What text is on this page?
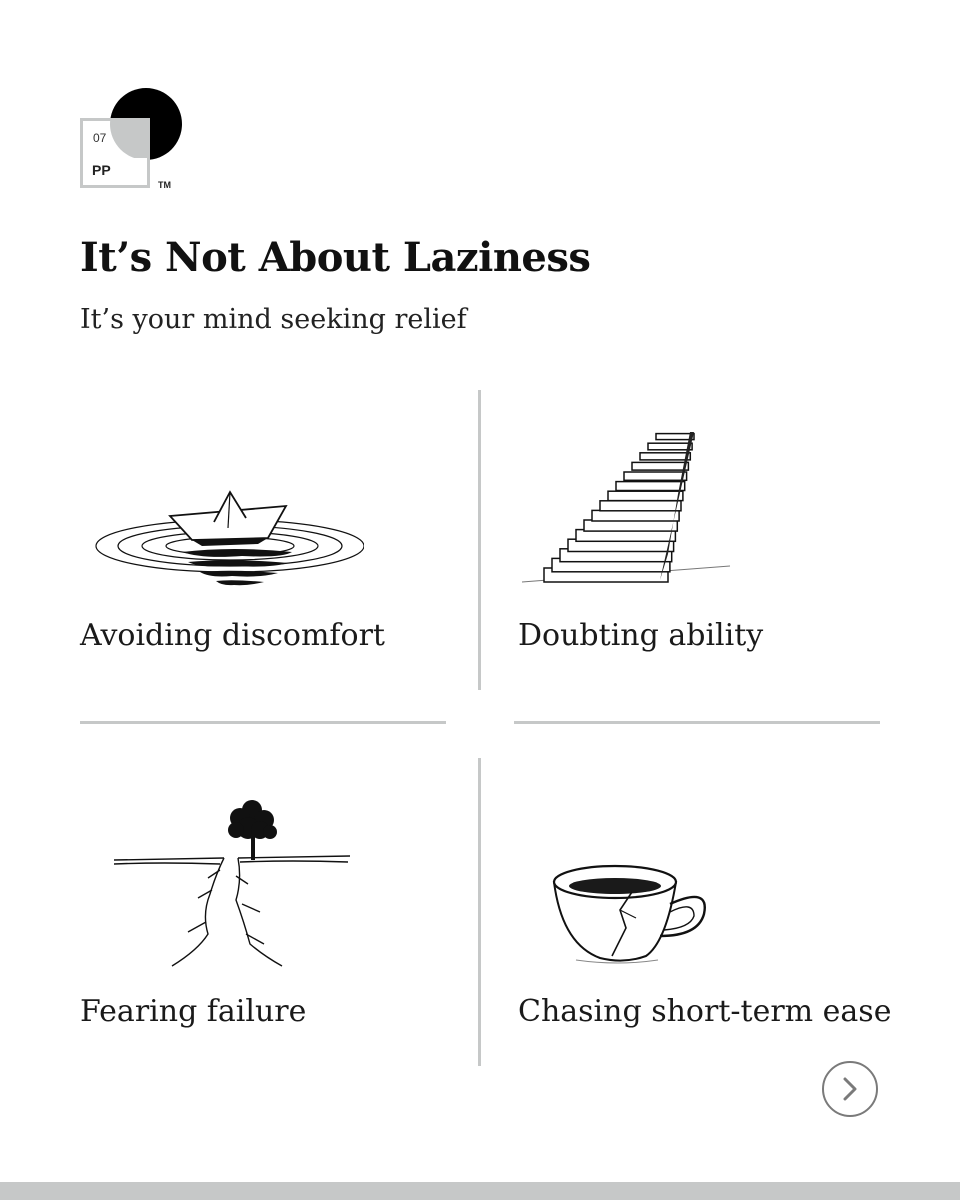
07
PP
TM
It’s Not About Laziness
It’s your mind seeking relief

Avoiding discomfort	Doubting ability

Fearing failure	Chasing short-term ease
